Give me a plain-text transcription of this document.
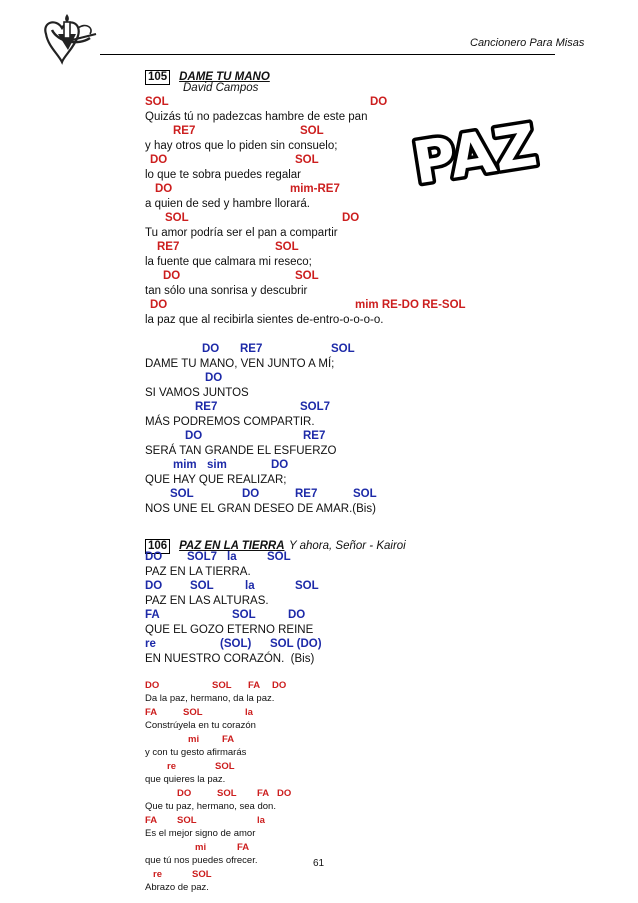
Cancionero Para Misas
PAZ
105 DAME TU MANO
David Campos
SOL	DO
Quizás tú no padezcas hambre de este pan
RE7	SOL
y hay otros que lo piden sin consuelo;
DO	SOL
lo que te sobra puedes regalar
DO	mim-RE7
a quien de sed y hambre llorará.
SOL	DO
Tu amor podría ser el pan a compartir
RE7	SOL
la fuente que calmara mi reseco;
DO	SOL
tan sólo una sonrisa y descubrir
DO	mim RE-DO RE-SOL
la paz que al recibirla sientes de-entro-o-o-o-o.
DO RE7	SOL
DAME TU MANO, VEN JUNTO A MÍ;
DO
SI VAMOS JUNTOS
RE7	SOL7
MÁS PODREMOS COMPARTIR.
DO	RE7
SERÁ TAN GRANDE EL ESFUERZO
mim sim	DO
QUE HAY QUE REALIZAR;
SOL	DO	RE7	SOL
NOS UNE EL GRAN DESEO DE AMAR.(Bis)
106 PAZ EN LA TIERRA Y ahora, Señor - Kairoi
DO SOL7 la	SOL
PAZ EN LA TIERRA.
DO SOL	la	SOL
PAZ EN LAS ALTURAS.
FA	SOL	DO
QUE EL GOZO ETERNO REINE
re	(SOL) SOL (DO)
EN NUESTRO CORAZÓN.  (Bis)
DO	SOL FA DO
Da la paz, hermano, da la paz.
FA	SOL	la
Constrúyela en tu corazón
mi FA
y con tu gesto afirmarás
re	SOL
que quieres la paz.
DO	SOL FA DO
Que tu paz, hermano, sea don.
FA SOL	la
Es el mejor signo de amor
mi	FA
que tú nos puedes ofrecer.
re	SOL
Abrazo de paz.
61
